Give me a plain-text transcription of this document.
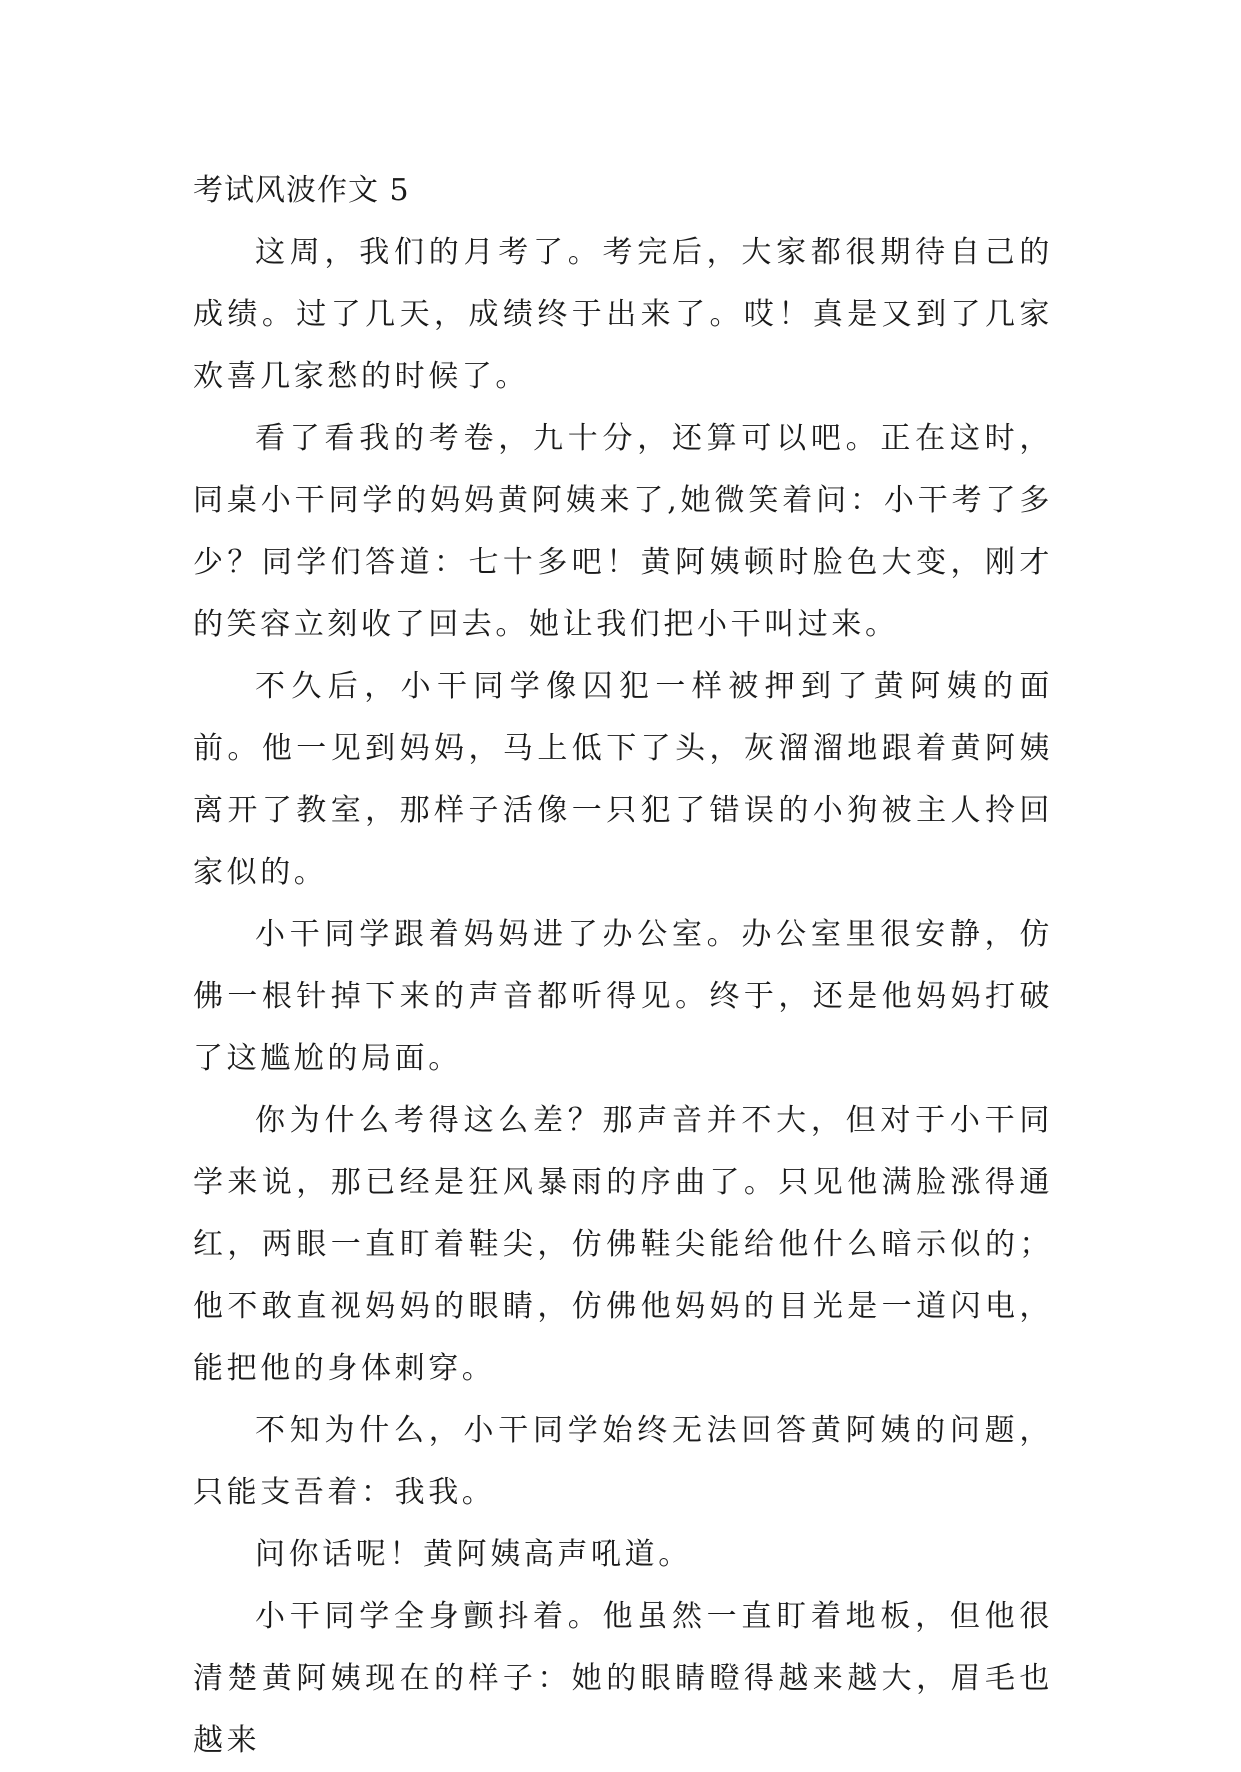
考试风波作文 5

这周，我们的月考了。考完后，大家都很期待自己的成绩。过了几天，成绩终于出来了。哎！真是又到了几家欢喜几家愁的时候了。

看了看我的考卷，九十分，还算可以吧。正在这时，同桌小干同学的妈妈黄阿姨来了,她微笑着问：小干考了多少？同学们答道：七十多吧！黄阿姨顿时脸色大变，刚才的笑容立刻收了回去。她让我们把小干叫过来。

不久后，小干同学像囚犯一样被押到了黄阿姨的面前。他一见到妈妈，马上低下了头，灰溜溜地跟着黄阿姨离开了教室，那样子活像一只犯了错误的小狗被主人拎回家似的。

小干同学跟着妈妈进了办公室。办公室里很安静，仿佛一根针掉下来的声音都听得见。终于，还是他妈妈打破了这尴尬的局面。

你为什么考得这么差？那声音并不大，但对于小干同学来说，那已经是狂风暴雨的序曲了。只见他满脸涨得通红，两眼一直盯着鞋尖，仿佛鞋尖能给他什么暗示似的；他不敢直视妈妈的眼睛，仿佛他妈妈的目光是一道闪电，能把他的身体刺穿。

不知为什么，小干同学始终无法回答黄阿姨的问题，只能支吾着：我我。

问你话呢！黄阿姨高声吼道。

小干同学全身颤抖着。他虽然一直盯着地板，但他很清楚黄阿姨现在的样子：她的眼睛瞪得越来越大，眉毛也越来
